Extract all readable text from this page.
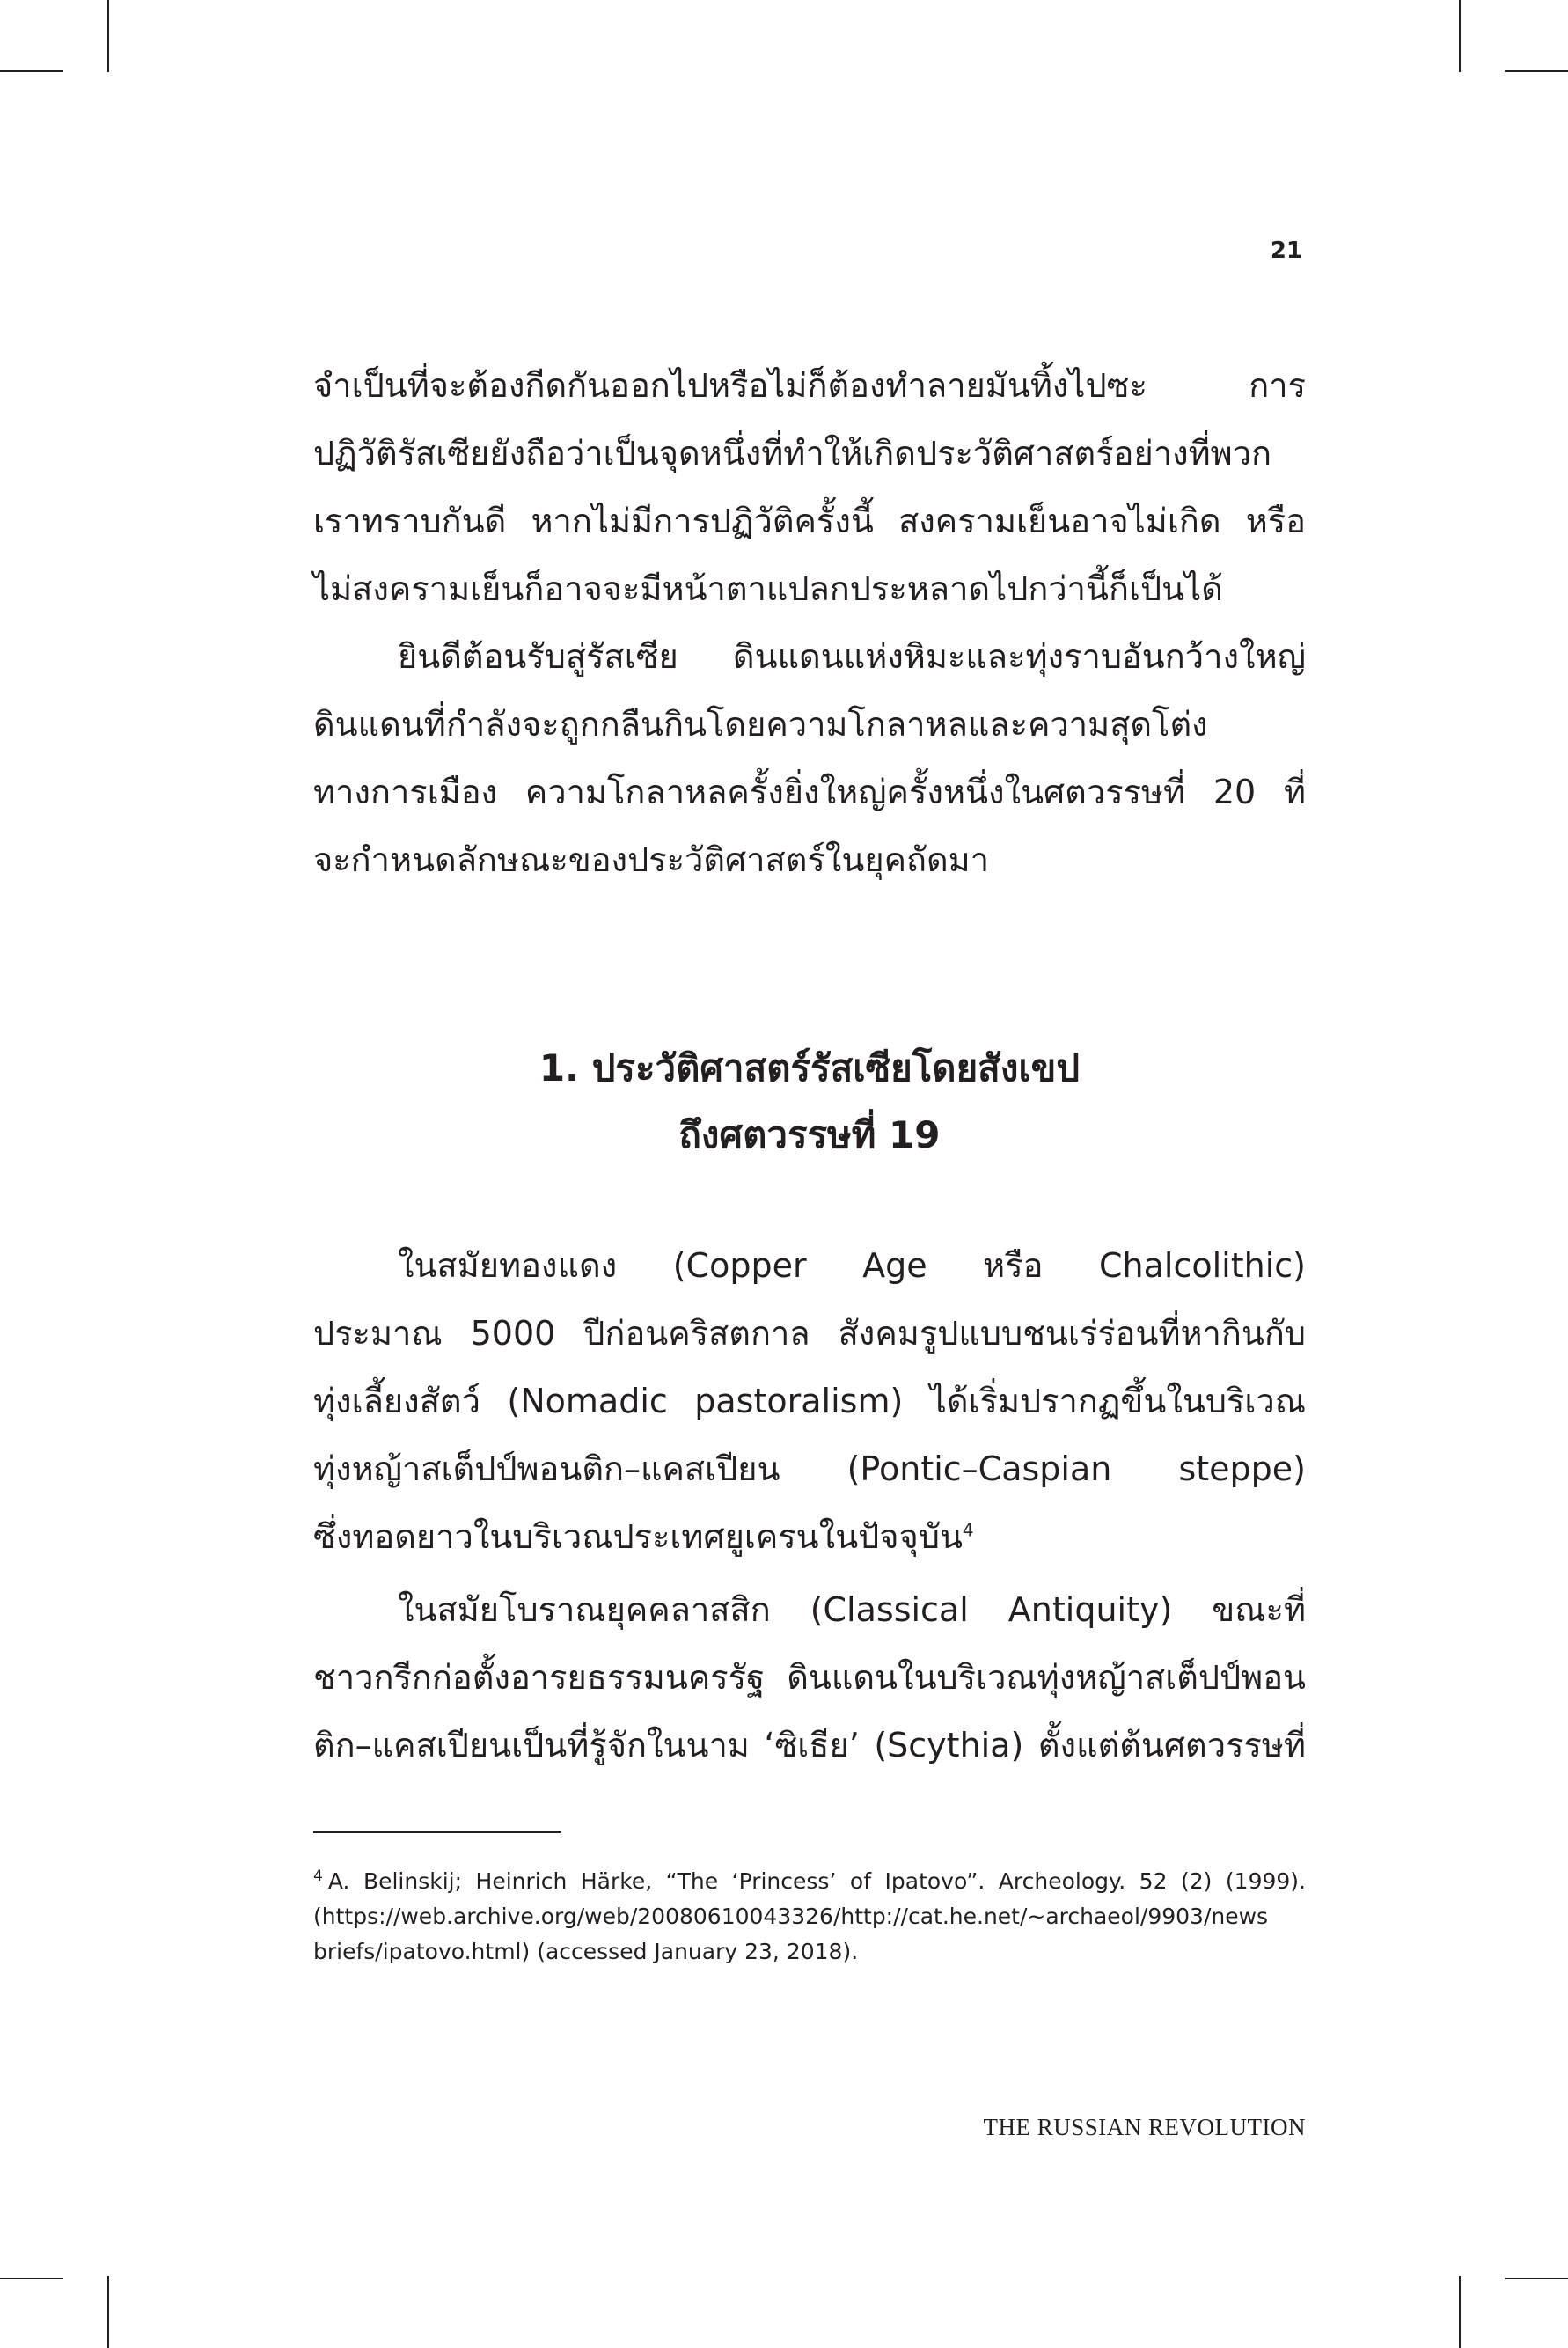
21
จำเป็นที่จะต้องกีดกันออกไปหรือไม่ก็ต้องทำลายมันทิ้งไปซะ การ
ปฏิวัติรัสเซียยังถือว่าเป็นจุดหนึ่งที่ทำให้เกิดประวัติศาสตร์อย่างที่พวก
เราทราบกันดี หากไม่มีการปฏิวัติครั้งนี้ สงครามเย็นอาจไม่เกิด หรือ
ไม่สงครามเย็นก็อาจจะมีหน้าตาแปลกประหลาดไปกว่านี้ก็เป็นได้
ยินดีต้อนรับสู่รัสเซีย ดินแดนแห่งหิมะและทุ่งราบอันกว้างใหญ่
ดินแดนที่กำลังจะถูกกลืนกินโดยความโกลาหลและความสุดโต่ง
ทางการเมือง ความโกลาหลครั้งยิ่งใหญ่ครั้งหนึ่งในศตวรรษที่ 20 ที่
จะกำหนดลักษณะของประวัติศาสตร์ในยุคถัดมา
1. ประวัติศาสตร์รัสเซียโดยสังเขป
ถึงศตวรรษที่ 19
ในสมัยทองแดง (Copper Age หรือ Chalcolithic)
ประมาณ 5000 ปีก่อนคริสตกาล สังคมรูปแบบชนเร่ร่อนที่หากินกับ
ทุ่งเลี้ยงสัตว์ (Nomadic pastoralism) ได้เริ่มปรากฏขึ้นในบริเวณ
ทุ่งหญ้าสเต็ปป์พอนติก–แคสเปียน (Pontic–Caspian steppe)
ซึ่งทอดยาวในบริเวณประเทศยูเครนในปัจจุบัน$^4$
ในสมัยโบราณยุคคลาสสิก (Classical Antiquity) ขณะที่
ชาวกรีกก่อตั้งอารยธรรมนครรัฐ ดินแดนในบริเวณทุ่งหญ้าสเต็ปป์พอน
ติก–แคสเปียนเป็นที่รู้จักในนาม ‘ซิเธีย’ (Scythia) ตั้งแต่ต้นศตวรรษที่
$^4$ A. Belinskij; Heinrich Härke, “The ‘Princess’ of Ipatovo”. Archeology. 52 (2) (1999).
(https://web.archive.org/web/20080610043326/http://cat.he.net/~archaeol/9903/news
briefs/ipatovo.html) (accessed January 23, 2018).
THE RUSSIAN REVOLUTION
